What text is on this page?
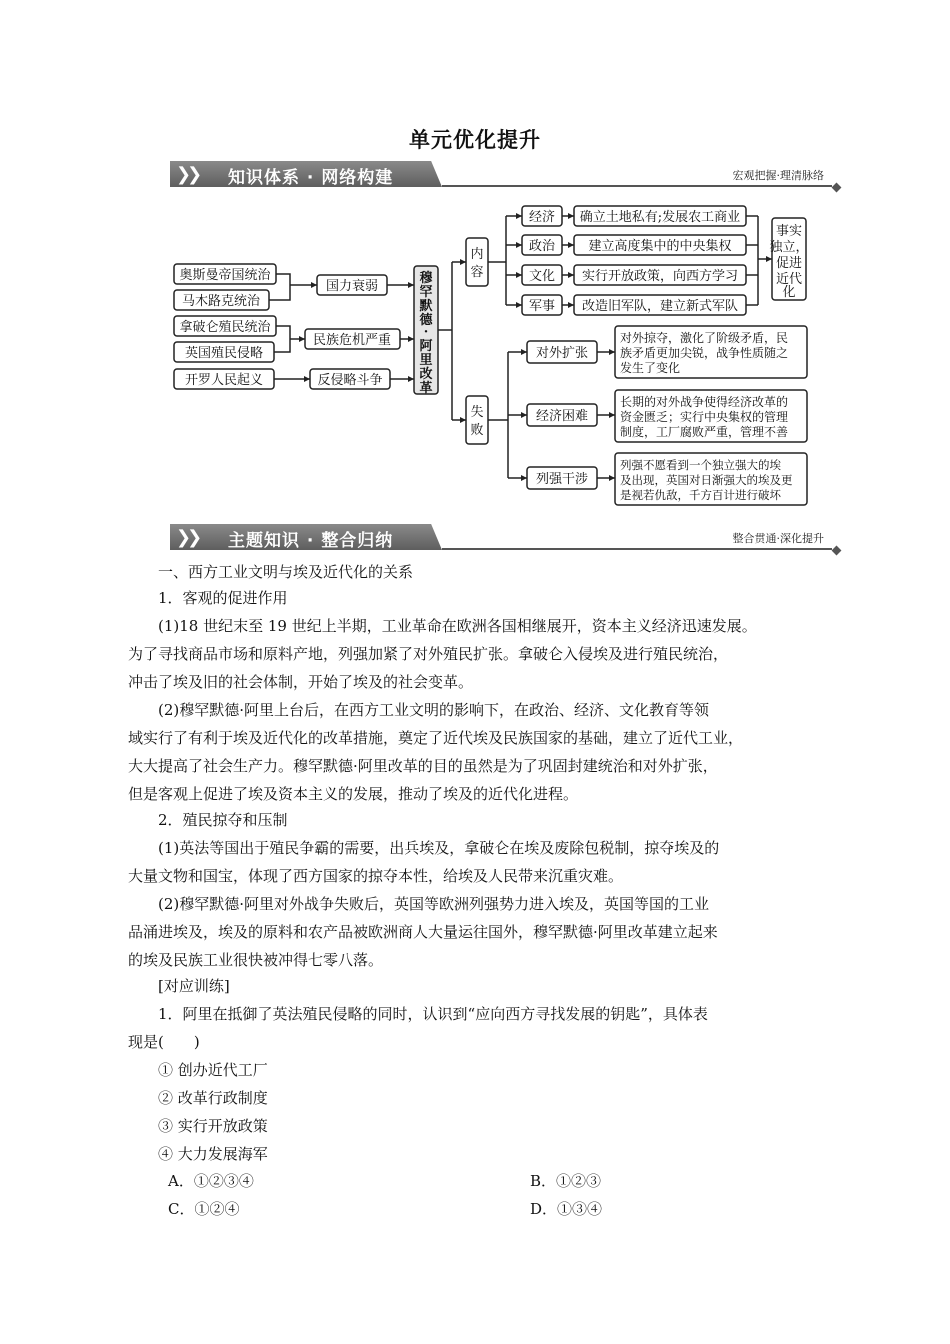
单元优化提升
❯❯ 知识体系 · 网络构建	宏观把握·理清脉络
奥斯曼帝国统治
马木路克统治
拿破仑殖民统治
英国殖民侵略
开罗人民起义
国力衰弱
民族危机严重
反侵略斗争
穆
罕
默
德
·
阿
里
改
革
内
容
失
败
经济
政治
文化
军事
确立土地私有;发展农工商业
建立高度集中的中央集权
实行开放政策，向西方学习
改造旧军队，建立新式军队
事实
独立，
促进
近代
化
对外扩张
经济困难
列强干涉
对外掠夺，激化了阶级矛盾，民
族矛盾更加尖锐，战争性质随之
发生了变化
长期的对外战争使得经济改革的
资金匮乏；实行中央集权的管理
制度，工厂腐败严重，管理不善
列强不愿看到一个独立强大的埃
及出现，英国对日渐强大的埃及更
是视若仇敌，千方百计进行破坏
❯❯ 主题知识 · 整合归纳	整合贯通·深化提升
一、西方工业文明与埃及近代化的关系
1．客观的促进作用
(1)18 世纪末至 19 世纪上半期，工业革命在欧洲各国相继展开，资本主义经济迅速发展。
为了寻找商品市场和原料产地，列强加紧了对外殖民扩张。拿破仑入侵埃及进行殖民统治，
冲击了埃及旧的社会体制，开始了埃及的社会变革。
(2)穆罕默德·阿里上台后，在西方工业文明的影响下，在政治、经济、文化教育等领
域实行了有利于埃及近代化的改革措施，奠定了近代埃及民族国家的基础，建立了近代工业，
大大提高了社会生产力。穆罕默德·阿里改革的目的虽然是为了巩固封建统治和对外扩张，
但是客观上促进了埃及资本主义的发展，推动了埃及的近代化进程。
2．殖民掠夺和压制
(1)英法等国出于殖民争霸的需要，出兵埃及，拿破仑在埃及废除包税制，掠夺埃及的
大量文物和国宝，体现了西方国家的掠夺本性，给埃及人民带来沉重灾难。
(2)穆罕默德·阿里对外战争失败后，英国等欧洲列强势力进入埃及，英国等国的工业
品涌进埃及，埃及的原料和农产品被欧洲商人大量运往国外，穆罕默德·阿里改革建立起来
的埃及民族工业很快被冲得七零八落。
[对应训练]
1．阿里在抵御了英法殖民侵略的同时，认识到“应向西方寻找发展的钥匙”，具体表
现是(　　)
① 创办近代工厂
② 改革行政制度
③ 实行开放政策
④ 大力发展海军
A．①②③④	B．①②③
C．①②④	D．①③④
